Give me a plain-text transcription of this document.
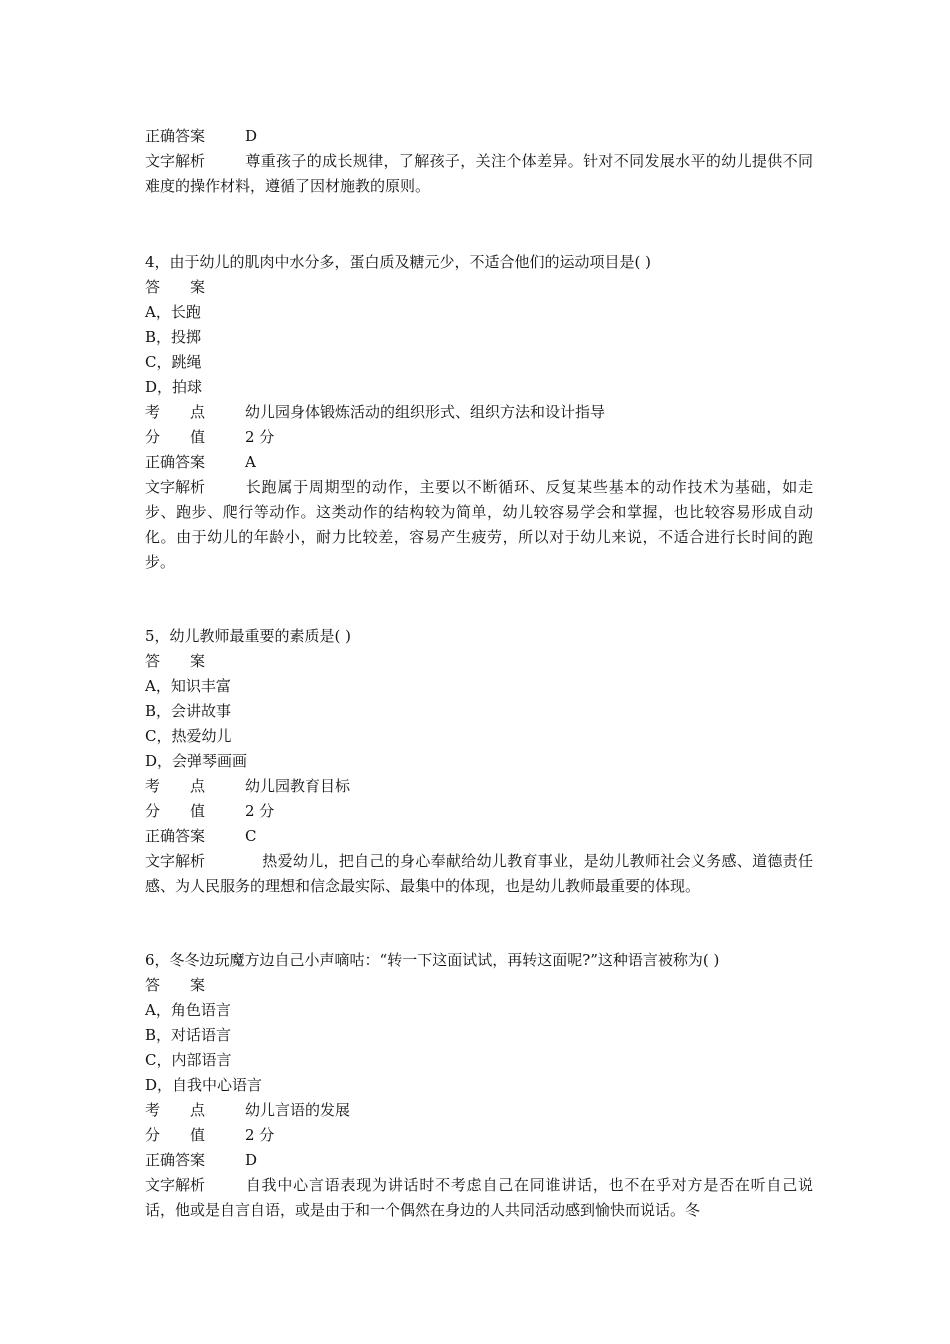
正确答案	D
文字解析	尊重孩子的成长规律，了解孩子，关注个体差异。针对不同发展水平的幼儿提供不同难度的操作材料，遵循了因材施教的原则。
4，由于幼儿的肌肉中水分多，蛋白质及糖元少，不适合他们的运动项目是( )
答　　案
A，长跑
B，投掷
C，跳绳
D，拍球
考　　点	幼儿园身体锻炼活动的组织形式、组织方法和设计指导
分　　值	2 分
正确答案	A
文字解析	长跑属于周期型的动作，主要以不断循环、反复某些基本的动作技术为基础，如走步、跑步、爬行等动作。这类动作的结构较为简单，幼儿较容易学会和掌握，也比较容易形成自动化。由于幼儿的年龄小，耐力比较差，容易产生疲劳，所以对于幼儿来说，不适合进行长时间的跑步。
5，幼儿教师最重要的素质是( )
答　　案
A，知识丰富
B，会讲故事
C，热爱幼儿
D，会弹琴画画
考　　点	幼儿园教育目标
分　　值	2 分
正确答案	C
文字解析	热爱幼儿，把自己的身心奉献给幼儿教育事业，是幼儿教师社会义务感、道德责任感、为人民服务的理想和信念最实际、最集中的体现，也是幼儿教师最重要的体现。
6，冬冬边玩魔方边自己小声嘀咕：“转一下这面试试，再转这面呢?”这种语言被称为( )
答　　案
A，角色语言
B，对话语言
C，内部语言
D，自我中心语言
考　　点	幼儿言语的发展
分　　值	2 分
正确答案	D
文字解析	自我中心言语表现为讲话时不考虑自己在同谁讲话，也不在乎对方是否在听自己说话，他或是自言自语，或是由于和一个偶然在身边的人共同活动感到愉快而说话。冬
